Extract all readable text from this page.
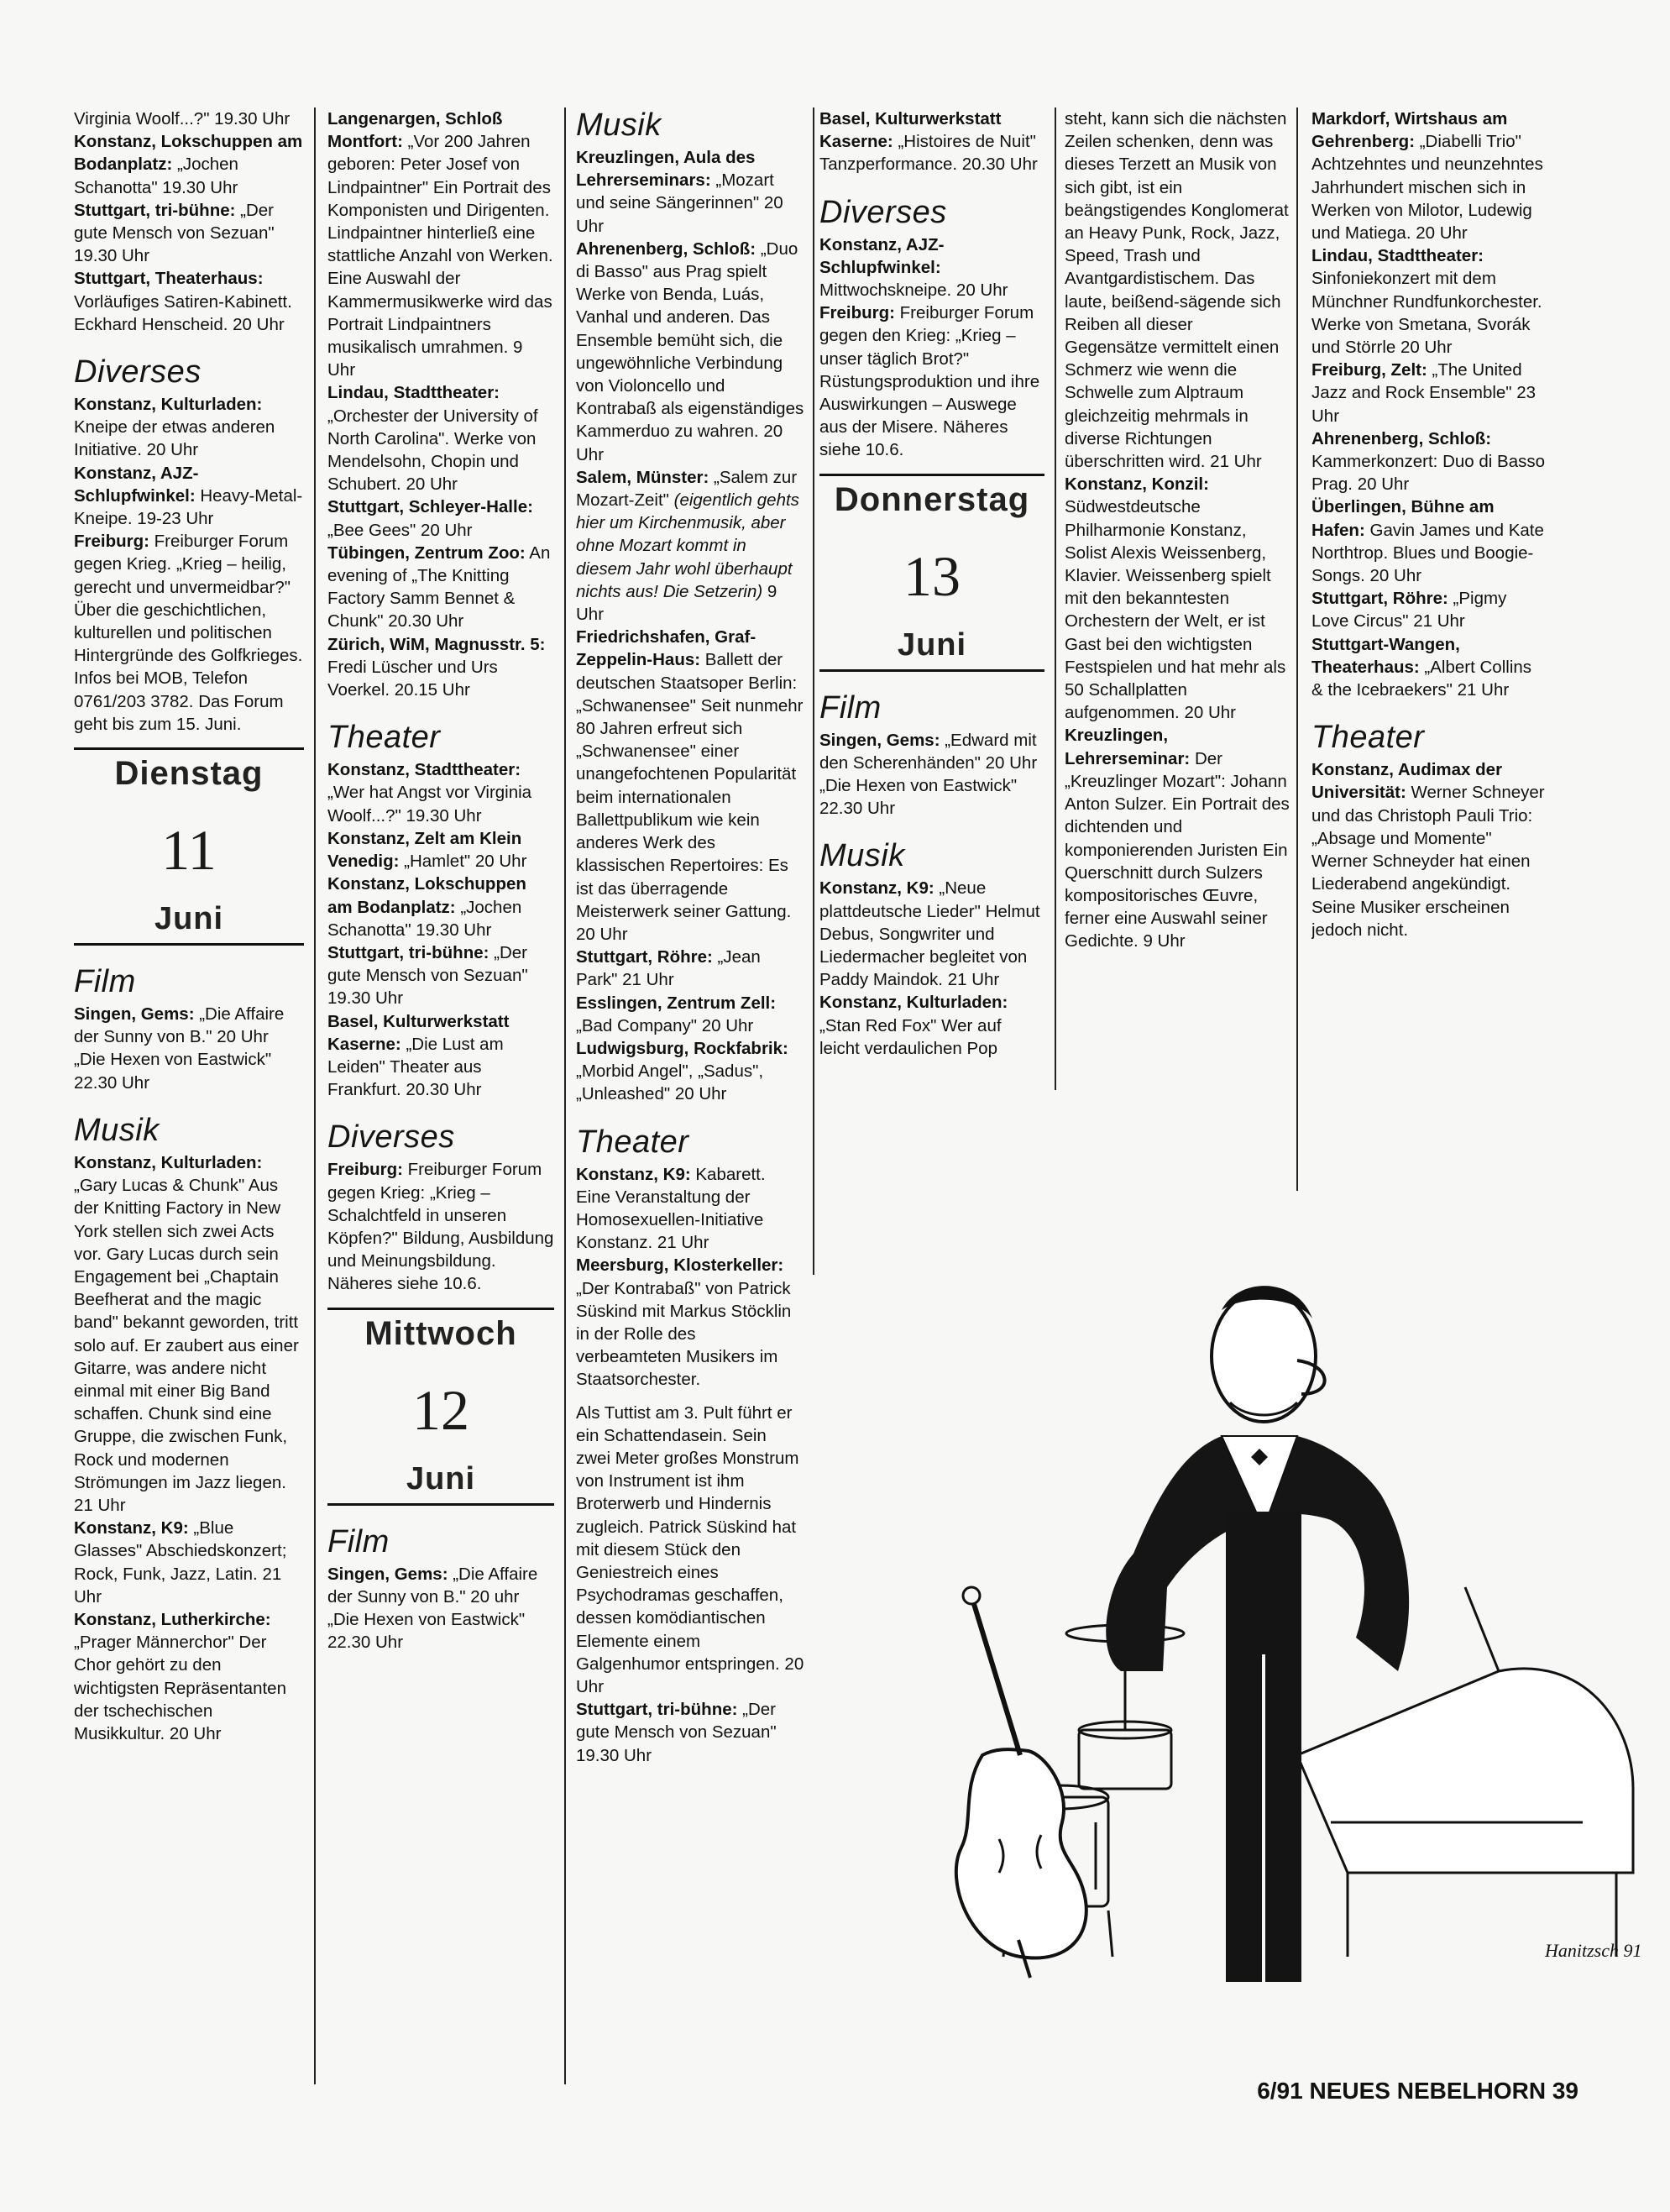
Virginia Woolf...?" 19.30 Uhr

Konstanz, Lokschuppen am Bodanplatz: „Jochen Schanotta" 19.30 Uhr

Stuttgart, tri-bühne: „Der gute Mensch von Sezuan" 19.30 Uhr

Stuttgart, Theaterhaus: Vorläufiges Satiren-Kabinett. Eckhard Henscheid. 20 Uhr

Diverses

Konstanz, Kulturladen: Kneipe der etwas anderen Initiative. 20 Uhr

Konstanz, AJZ-Schlupfwinkel: Heavy-Metal-Kneipe. 19-23 Uhr

Freiburg: Freiburger Forum gegen Krieg. „Krieg – heilig, gerecht und unvermeidbar?" Über die geschichtlichen, kulturellen und politischen Hintergründe des Golfkrieges. Infos bei MOB, Telefon 0761/203 3782. Das Forum geht bis zum 15. Juni.

Dienstag
11
Juni
Film

Singen, Gems: „Die Affaire der Sunny von B." 20 Uhr „Die Hexen von Eastwick" 22.30 Uhr

Musik

Konstanz, Kulturladen: „Gary Lucas & Chunk" Aus der Knitting Factory in New York stellen sich zwei Acts vor. Gary Lucas durch sein Engagement bei „Chaptain Beefherat and the magic band" bekannt geworden, tritt solo auf. Er zaubert aus einer Gitarre, was andere nicht einmal mit einer Big Band schaffen. Chunk sind eine Gruppe, die zwischen Funk, Rock und modernen Strömungen im Jazz liegen. 21 Uhr

Konstanz, K9: „Blue Glasses" Abschiedskonzert; Rock, Funk, Jazz, Latin. 21 Uhr

Konstanz, Lutherkirche: „Prager Männerchor" Der Chor gehört zu den wichtigsten Repräsentanten der tschechischen Musikkultur. 20 Uhr

Langenargen, Schloß Montfort: „Vor 200 Jahren geboren: Peter Josef von Lindpaintner" Ein Portrait des Komponisten und Dirigenten. Lindpaintner hinterließ eine stattliche Anzahl von Werken. Eine Auswahl der Kammermusikwerke wird das Portrait Lindpaintners musikalisch umrahmen. 9 Uhr

Lindau, Stadttheater: „Orchester der University of North Carolina". Werke von Mendelsohn, Chopin und Schubert. 20 Uhr

Stuttgart, Schleyer-Halle: „Bee Gees" 20 Uhr

Tübingen, Zentrum Zoo: An evening of „The Knitting Factory Samm Bennet & Chunk" 20.30 Uhr

Zürich, WiM, Magnusstr. 5: Fredi Lüscher und Urs Voerkel. 20.15 Uhr

Theater

Konstanz, Stadttheater: „Wer hat Angst vor Virginia Woolf...?" 19.30 Uhr

Konstanz, Zelt am Klein Venedig: „Hamlet" 20 Uhr

Konstanz, Lokschuppen am Bodanplatz: „Jochen Schanotta" 19.30 Uhr

Stuttgart, tri-bühne: „Der gute Mensch von Sezuan" 19.30 Uhr

Basel, Kulturwerkstatt Kaserne: „Die Lust am Leiden" Theater aus Frankfurt. 20.30 Uhr

Diverses

Freiburg: Freiburger Forum gegen Krieg: „Krieg – Schalchtfeld in unseren Köpfen?" Bildung, Ausbildung und Meinungsbildung. Näheres siehe 10.6.

Mittwoch
12
Juni
Film

Singen, Gems: „Die Affaire der Sunny von B." 20 uhr „Die Hexen von Eastwick" 22.30 Uhr

Musik

Kreuzlingen, Aula des Lehrerseminars: „Mozart und seine Sängerinnen" 20 Uhr

Ahrenenberg, Schloß: „Duo di Basso" aus Prag spielt Werke von Benda, Luás, Vanhal und anderen. Das Ensemble bemüht sich, die ungewöhnliche Verbindung von Violoncello und Kontrabaß als eigenständiges Kammerduo zu wahren. 20 Uhr

Salem, Münster: „Salem zur Mozart-Zeit" (eigentlich gehts hier um Kirchenmusik, aber ohne Mozart kommt in diesem Jahr wohl überhaupt nichts aus! Die Setzerin) 9 Uhr

Friedrichshafen, Graf-Zeppelin-Haus: Ballett der deutschen Staatsoper Berlin: „Schwanensee" Seit nunmehr 80 Jahren erfreut sich „Schwanensee" einer unangefochtenen Popularität beim internationalen Ballettpublikum wie kein anderes Werk des klassischen Repertoires: Es ist das überragende Meisterwerk seiner Gattung. 20 Uhr

Stuttgart, Röhre: „Jean Park" 21 Uhr

Esslingen, Zentrum Zell: „Bad Company" 20 Uhr

Ludwigsburg, Rockfabrik: „Morbid Angel", „Sadus", „Unleashed" 20 Uhr

Theater

Konstanz, K9: Kabarett. Eine Veranstaltung der Homosexuellen-Initiative Konstanz. 21 Uhr

Meersburg, Klosterkeller: „Der Kontrabaß" von Patrick Süskind mit Markus Stöcklin in der Rolle des verbeamteten Musikers im Staatsorchester.

Als Tuttist am 3. Pult führt er ein Schattendasein. Sein zwei Meter großes Monstrum von Instrument ist ihm Broterwerb und Hindernis zugleich. Patrick Süskind hat mit diesem Stück den Geniestreich eines Psychodramas geschaffen, dessen komödiantischen Elemente einem Galgenhumor entspringen. 20 Uhr

Stuttgart, tri-bühne: „Der gute Mensch von Sezuan" 19.30 Uhr

Basel, Kulturwerkstatt Kaserne: „Histoires de Nuit" Tanzperformance. 20.30 Uhr

Diverses

Konstanz, AJZ-Schlupfwinkel: Mittwochskneipe. 20 Uhr

Freiburg: Freiburger Forum gegen den Krieg: „Krieg – unser täglich Brot?" Rüstungsproduktion und ihre Auswirkungen – Auswege aus der Misere. Näheres siehe 10.6.

Donnerstag
13
Juni
Film

Singen, Gems: „Edward mit den Scherenhänden" 20 Uhr „Die Hexen von Eastwick" 22.30 Uhr

Musik

Konstanz, K9: „Neue plattdeutsche Lieder" Helmut Debus, Songwriter und Liedermacher begleitet von Paddy Maindok. 21 Uhr

Konstanz, Kulturladen: „Stan Red Fox" Wer auf leicht verdaulichen Pop

steht, kann sich die nächsten Zeilen schenken, denn was dieses Terzett an Musik von sich gibt, ist ein beängstigendes Konglomerat an Heavy Punk, Rock, Jazz, Speed, Trash und Avantgardistischem. Das laute, beißend-sägende sich Reiben all dieser Gegensätze vermittelt einen Schmerz wie wenn die Schwelle zum Alptraum gleichzeitig mehrmals in diverse Richtungen überschritten wird. 21 Uhr

Konstanz, Konzil: Südwestdeutsche Philharmonie Konstanz, Solist Alexis Weissenberg, Klavier. Weissenberg spielt mit den bekanntesten Orchestern der Welt, er ist Gast bei den wichtigsten Festspielen und hat mehr als 50 Schallplatten aufgenommen. 20 Uhr

Kreuzlingen, Lehrerseminar: Der „Kreuzlinger Mozart": Johann Anton Sulzer. Ein Portrait des dichtenden und komponierenden Juristen Ein Querschnitt durch Sulzers kompositorisches Œuvre, ferner eine Auswahl seiner Gedichte. 9 Uhr

Markdorf, Wirtshaus am Gehrenberg: „Diabelli Trio" Achtzehntes und neunzehntes Jahrhundert mischen sich in Werken von Milotor, Ludewig und Matiega. 20 Uhr

Lindau, Stadttheater: Sinfoniekonzert mit dem Münchner Rundfunkorchester. Werke von Smetana, Svorák und Störrle 20 Uhr

Freiburg, Zelt: „The United Jazz and Rock Ensemble" 23 Uhr

Ahrenenberg, Schloß: Kammerkonzert: Duo di Basso Prag. 20 Uhr

Überlingen, Bühne am Hafen: Gavin James und Kate Northtrop. Blues und Boogie-Songs. 20 Uhr

Stuttgart, Röhre: „Pigmy Love Circus" 21 Uhr

Stuttgart-Wangen, Theaterhaus: „Albert Collins & the Icebraekers" 21 Uhr

Theater

Konstanz, Audimax der Universität: Werner Schneyer und das Christoph Pauli Trio: „Absage und Momente" Werner Schneyder hat einen Liederabend angekündigt. Seine Musiker erscheinen jedoch nicht.

Hanitzsch 91
6/91 NEUES NEBELHORN 39
